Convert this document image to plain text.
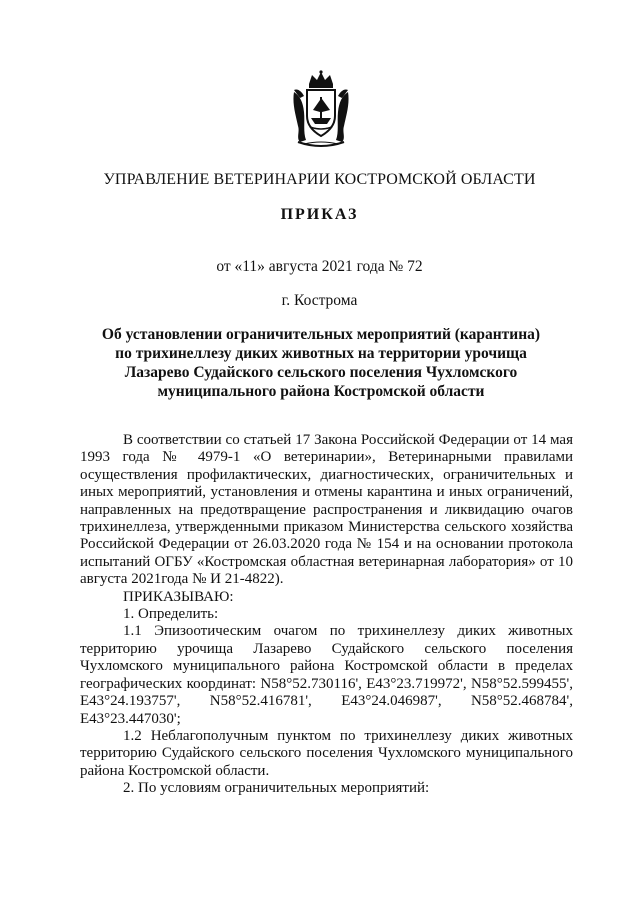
УПРАВЛЕНИЕ ВЕТЕРИНАРИИ КОСТРОМСКОЙ ОБЛАСТИ
ПРИКАЗ
от «11» августа 2021 года № 72
г. Кострома
Об установлении ограничительных мероприятий (карантина) по трихинеллезу диких животных на территории урочища Лазарево Судайского сельского поселения Чухломского муниципального района Костромской области

В соответствии со статьей 17 Закона Российской Федерации от 14 мая 1993 года № 4979-1 «О ветеринарии», Ветеринарными правилами осуществления профилактических, диагностических, ограничительных и иных мероприятий, установления и отмены карантина и иных ограничений, направленных на предотвращение распространения и ликвидацию очагов трихинеллеза, утвержденными приказом Министерства сельского хозяйства Российской Федерации от 26.03.2020 года № 154 и на основании протокола испытаний ОГБУ «Костромская областная ветеринарная лаборатория» от 10 августа 2021года № И 21-4822).

ПРИКАЗЫВАЮ:

1. Определить:

1.1 Эпизоотическим очагом по трихинеллезу диких животных территорию урочища Лазарево Судайского сельского поселения Чухломского муниципального района Костромской области в пределах географических координат: N58°52.730116', E43°23.719972', N58°52.599455', E43°24.193757', N58°52.416781', E43°24.046987', N58°52.468784', E43°23.447030';

1.2 Неблагополучным пунктом по трихинеллезу диких животных территорию Судайского сельского поселения Чухломского муниципального района Костромской области.

2. По условиям ограничительных мероприятий:
